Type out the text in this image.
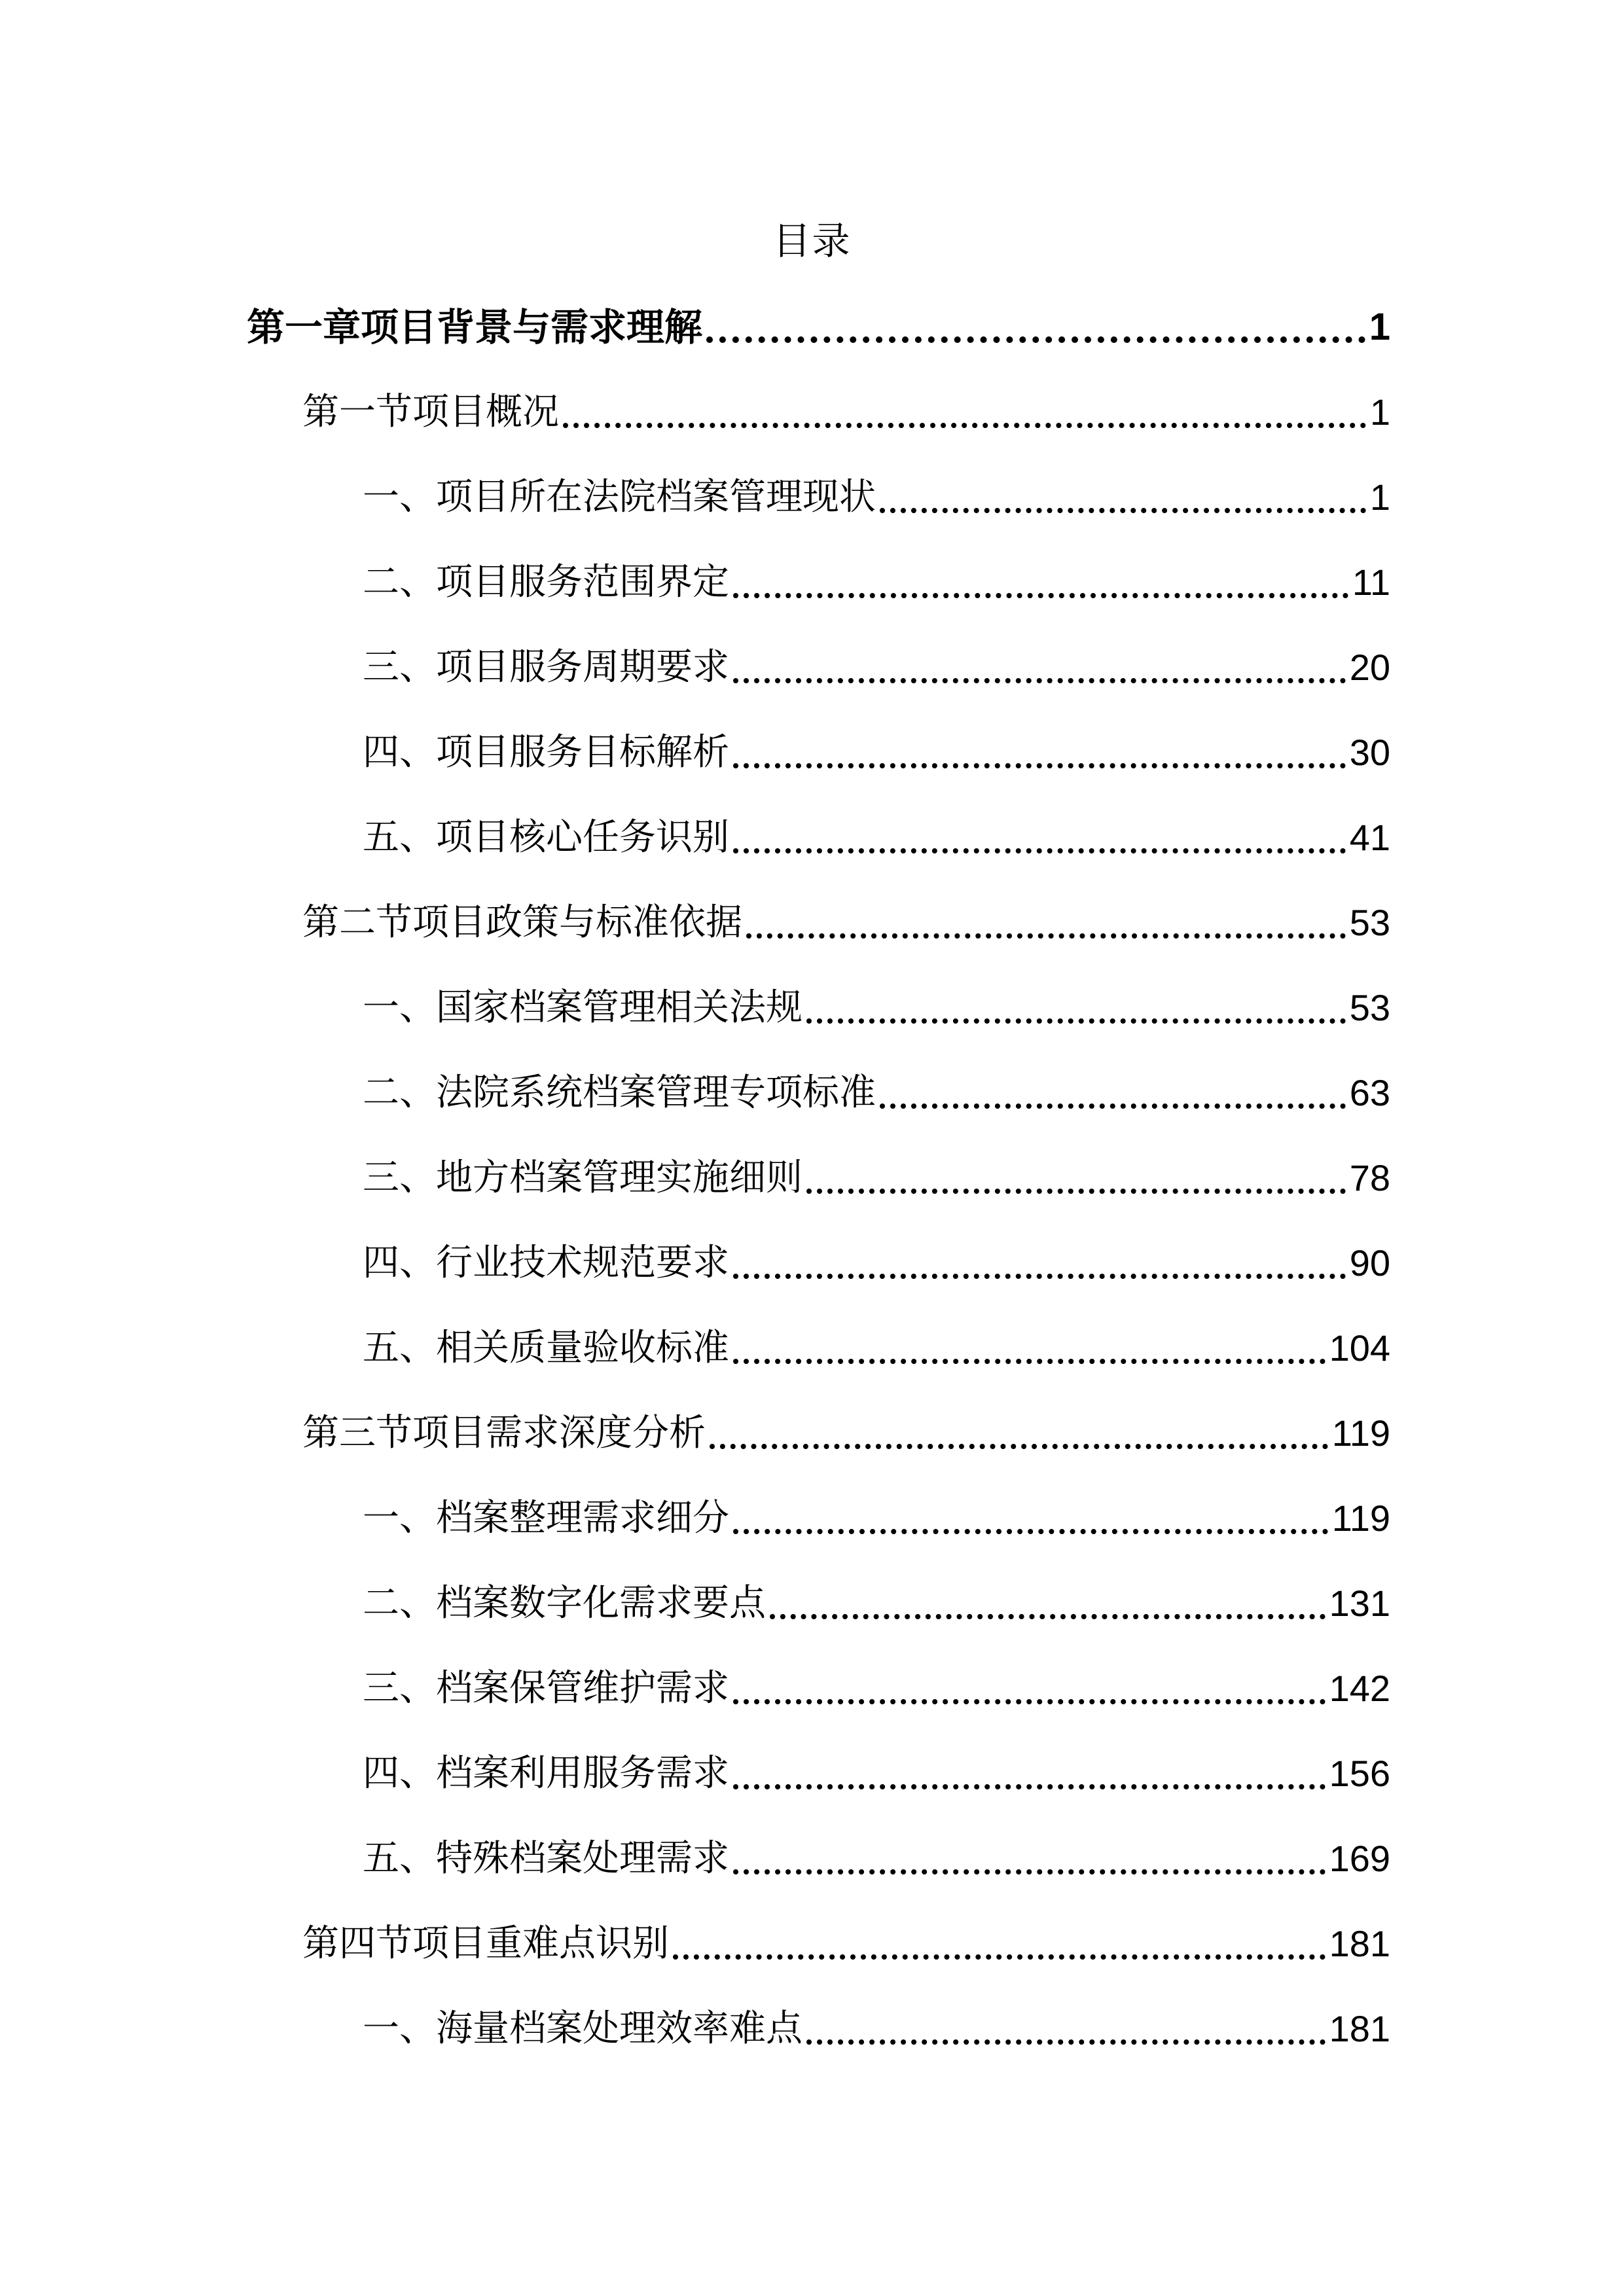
目录
第一章项目背景与需求理解	1
第一节项目概况	1
一、项目所在法院档案管理现状	1
二、项目服务范围界定	11
三、项目服务周期要求	20
四、项目服务目标解析	30
五、项目核心任务识别	41
第二节项目政策与标准依据	53
一、国家档案管理相关法规	53
二、法院系统档案管理专项标准	63
三、地方档案管理实施细则	78
四、行业技术规范要求	90
五、相关质量验收标准	104
第三节项目需求深度分析	119
一、档案整理需求细分	119
二、档案数字化需求要点	131
三、档案保管维护需求	142
四、档案利用服务需求	156
五、特殊档案处理需求	169
第四节项目重难点识别	181
一、海量档案处理效率难点	181
